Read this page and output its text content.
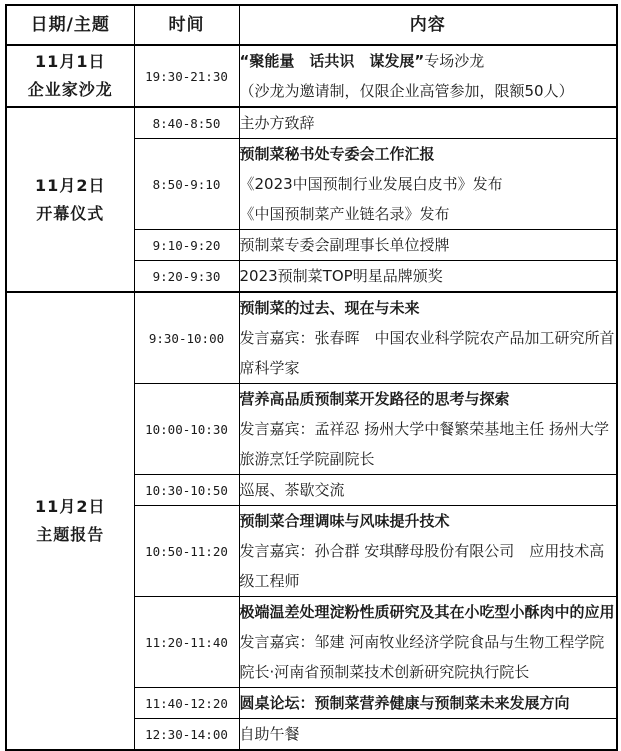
日期/主题	时间	内容

11月1日
企业家沙龙	19:30-21:30	“聚能量　话共识　谋发展”专场沙龙
（沙龙为邀请制，仅限企业高管参加，限额50人）

11月2日
开幕仪式	8:40-8:50	主办方致辞

	8:50-9:10	预制菜秘书处专委会工作汇报
《2023中国预制行业发展白皮书》发布
《中国预制菜产业链名录》发布

	9:10-9:20	预制菜专委会副理事长单位授牌

	9:20-9:30	2023预制菜TOP明星品牌颁奖

11月2日
主题报告	9:30-10:00	预制菜的过去、现在与未来
发言嘉宾：张春晖　中国农业科学院农产品加工研究所首席科学家

	10:00-10:30	营养高品质预制菜开发路径的思考与探索
发言嘉宾：孟祥忍 扬州大学中餐繁荣基地主任 扬州大学旅游烹饪学院副院长

	10:30-10:50	巡展、茶歇交流

	10:50-11:20	预制菜合理调味与风味提升技术
发言嘉宾：孙合群 安琪酵母股份有限公司　应用技术高级工程师

	11:20-11:40	极端温差处理淀粉性质研究及其在小吃型小酥肉中的应用
发言嘉宾：邹建 河南牧业经济学院食品与生物工程学院院长·河南省预制菜技术创新研究院执行院长

	11:40-12:20	圆桌论坛：预制菜营养健康与预制菜未来发展方向

	12:30-14:00	自助午餐
